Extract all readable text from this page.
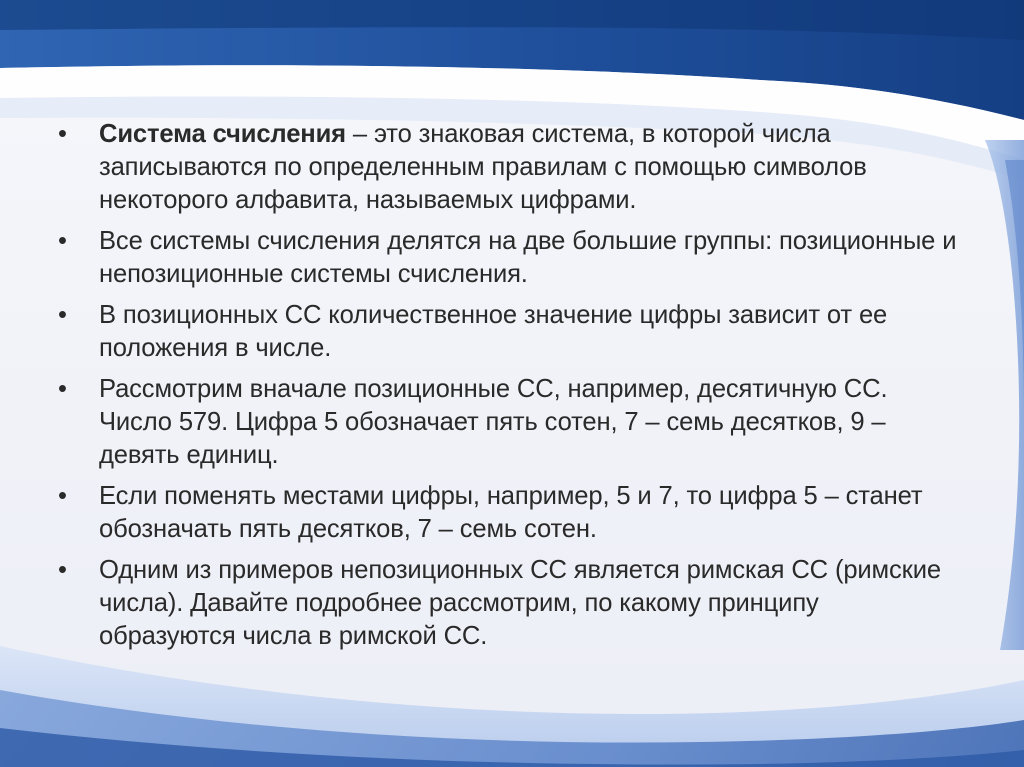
•	Система счисления – это знаковая система, в которой числа записываются по определенным правилам с помощью символов некоторого алфавита, называемых цифрами.
•	Все системы счисления делятся на две большие группы: позиционные и непозиционные системы счисления.
•	В позиционных СС количественное значение цифры зависит от ее положения в числе.
•	Рассмотрим вначале позиционные СС, например, десятичную СС. Число 579. Цифра 5 обозначает пять сотен, 7 – семь десятков, 9 – девять единиц.
•	Если поменять местами цифры, например, 5 и 7, то цифра 5 – станет обозначать пять десятков, 7 – семь сотен.
•	Одним из примеров непозиционных СС является римская СС (римские числа). Давайте подробнее рассмотрим, по какому принципу образуются числа в римской СС.
